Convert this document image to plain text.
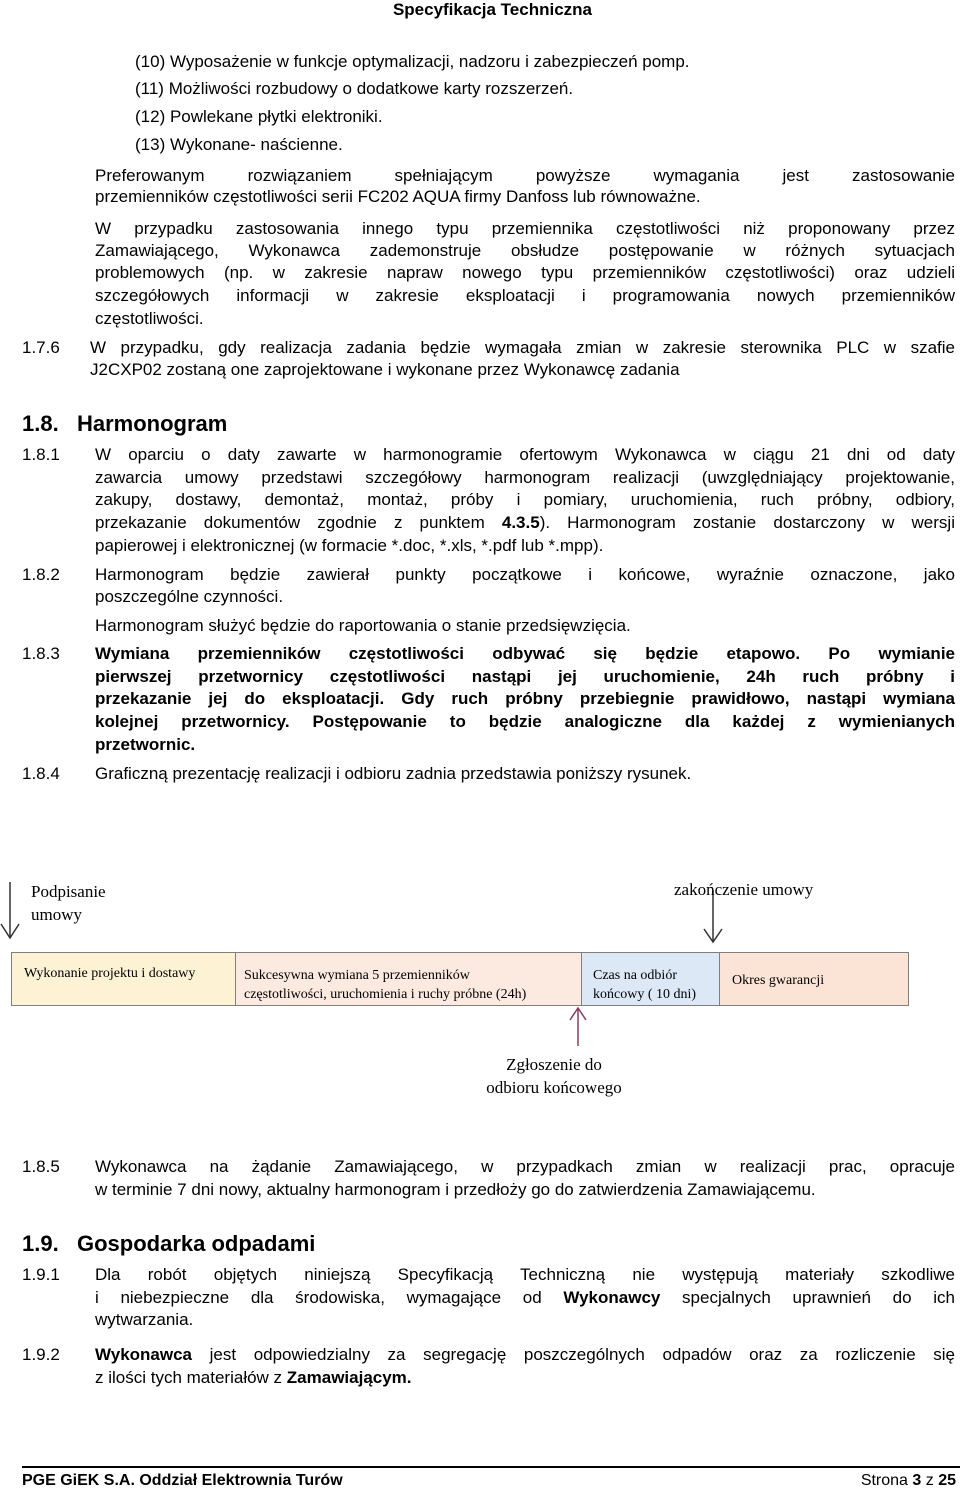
Specyfikacja Techniczna
(10) Wyposażenie w funkcje optymalizacji, nadzoru i zabezpieczeń pomp.
(11) Możliwości rozbudowy o dodatkowe karty rozszerzeń.
(12) Powlekane płytki elektroniki.
(13) Wykonane- naścienne.
Preferowanym rozwiązaniem spełniającym powyższe wymagania jest zastosowanie
przemienników częstotliwości serii FC202 AQUA firmy Danfoss lub równoważne.
W przypadku zastosowania innego typu przemiennika częstotliwości niż proponowany przez
Zamawiającego, Wykonawca zademonstruje obsłudze postępowanie w różnych sytuacjach
problemowych (np. w zakresie napraw nowego typu przemienników częstotliwości) oraz udzieli
szczegółowych informacji w zakresie eksploatacji i programowania nowych przemienników
częstotliwości.
1.7.6 W przypadku, gdy realizacja zadania będzie wymagała zmian w zakresie sterownika PLC w szafie
J2CXP02 zostaną one zaprojektowane i wykonane przez Wykonawcę zadania
1.8. Harmonogram
1.8.1 W oparciu o daty zawarte w harmonogramie ofertowym Wykonawca w ciągu 21 dni od daty
zawarcia umowy przedstawi szczegółowy harmonogram realizacji (uwzględniający projektowanie,
zakupy, dostawy, demontaż, montaż, próby i pomiary, uruchomienia, ruch próbny, odbiory,
przekazanie dokumentów zgodnie z punktem 4.3.5). Harmonogram zostanie dostarczony w wersji
papierowej i elektronicznej (w formacie *.doc, *.xls, *.pdf lub *.mpp).
1.8.2 Harmonogram będzie zawierał punkty początkowe i końcowe, wyraźnie oznaczone, jako
poszczególne czynności.
Harmonogram służyć będzie do raportowania o stanie przedsięwzięcia.
1.8.3 Wymiana przemienników częstotliwości odbywać się będzie etapowo. Po wymianie
pierwszej przetwornicy częstotliwości nastąpi jej uruchomienie, 24h ruch próbny i
przekazanie jej do eksploatacji. Gdy ruch próbny przebiegnie prawidłowo, nastąpi wymiana
kolejnej przetwornicy. Postępowanie to będzie analogiczne dla każdej z wymienianych
przetwornic.
1.8.4 Graficzną prezentację realizacji i odbioru zadnia przedstawia poniższy rysunek.
Podpisanie
umowy
zakończenie umowy
Wykonanie projektu i dostawy	Sukcesywna wymiana 5 przemienników
częstotliwości, uruchomienia i ruchy próbne (24h)
Czas na odbiór
końcowy ( 10 dni)
Okres gwarancji
Zgłoszenie do
odbioru końcowego
1.8.5 Wykonawca na żądanie Zamawiającego, w przypadkach zmian w realizacji prac, opracuje
w terminie 7 dni nowy, aktualny harmonogram i przedłoży go do zatwierdzenia Zamawiającemu.
1.9. Gospodarka odpadami
1.9.1 Dla robót objętych niniejszą Specyfikacją Techniczną nie występują materiały szkodliwe
i niebezpieczne dla środowiska, wymagające od Wykonawcy specjalnych uprawnień do ich
wytwarzania.
1.9.2 Wykonawca jest odpowiedzialny za segregację poszczególnych odpadów oraz za rozliczenie się
z ilości tych materiałów z Zamawiającym.
PGE GiEK S.A. Oddział Elektrownia Turów	Strona 3 z 25
